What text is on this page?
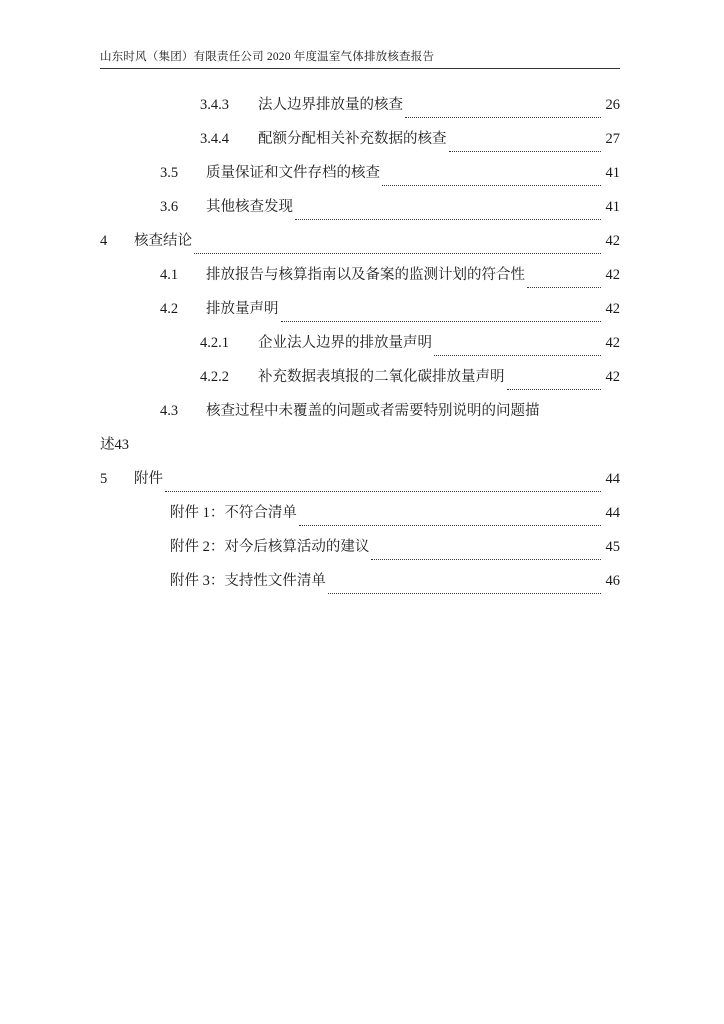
山东时风（集团）有限责任公司 2020 年度温室气体排放核查报告
3.4.3	法人边界排放量的核查	26
3.4.4	配额分配相关补充数据的核查	27
3.5	质量保证和文件存档的核查	41
3.6	其他核查发现	41
4	核查结论	42
4.1	排放报告与核算指南以及备案的监测计划的符合性	42
4.2	排放量声明	42
4.2.1	企业法人边界的排放量声明	42
4.2.2	补充数据表填报的二氧化碳排放量声明	42
4.3	核查过程中未覆盖的问题或者需要特别说明的问题描
述 43
5	附件	44
附件 1：不符合清单	44
附件 2：对今后核算活动的建议	45
附件 3：支持性文件清单	46
